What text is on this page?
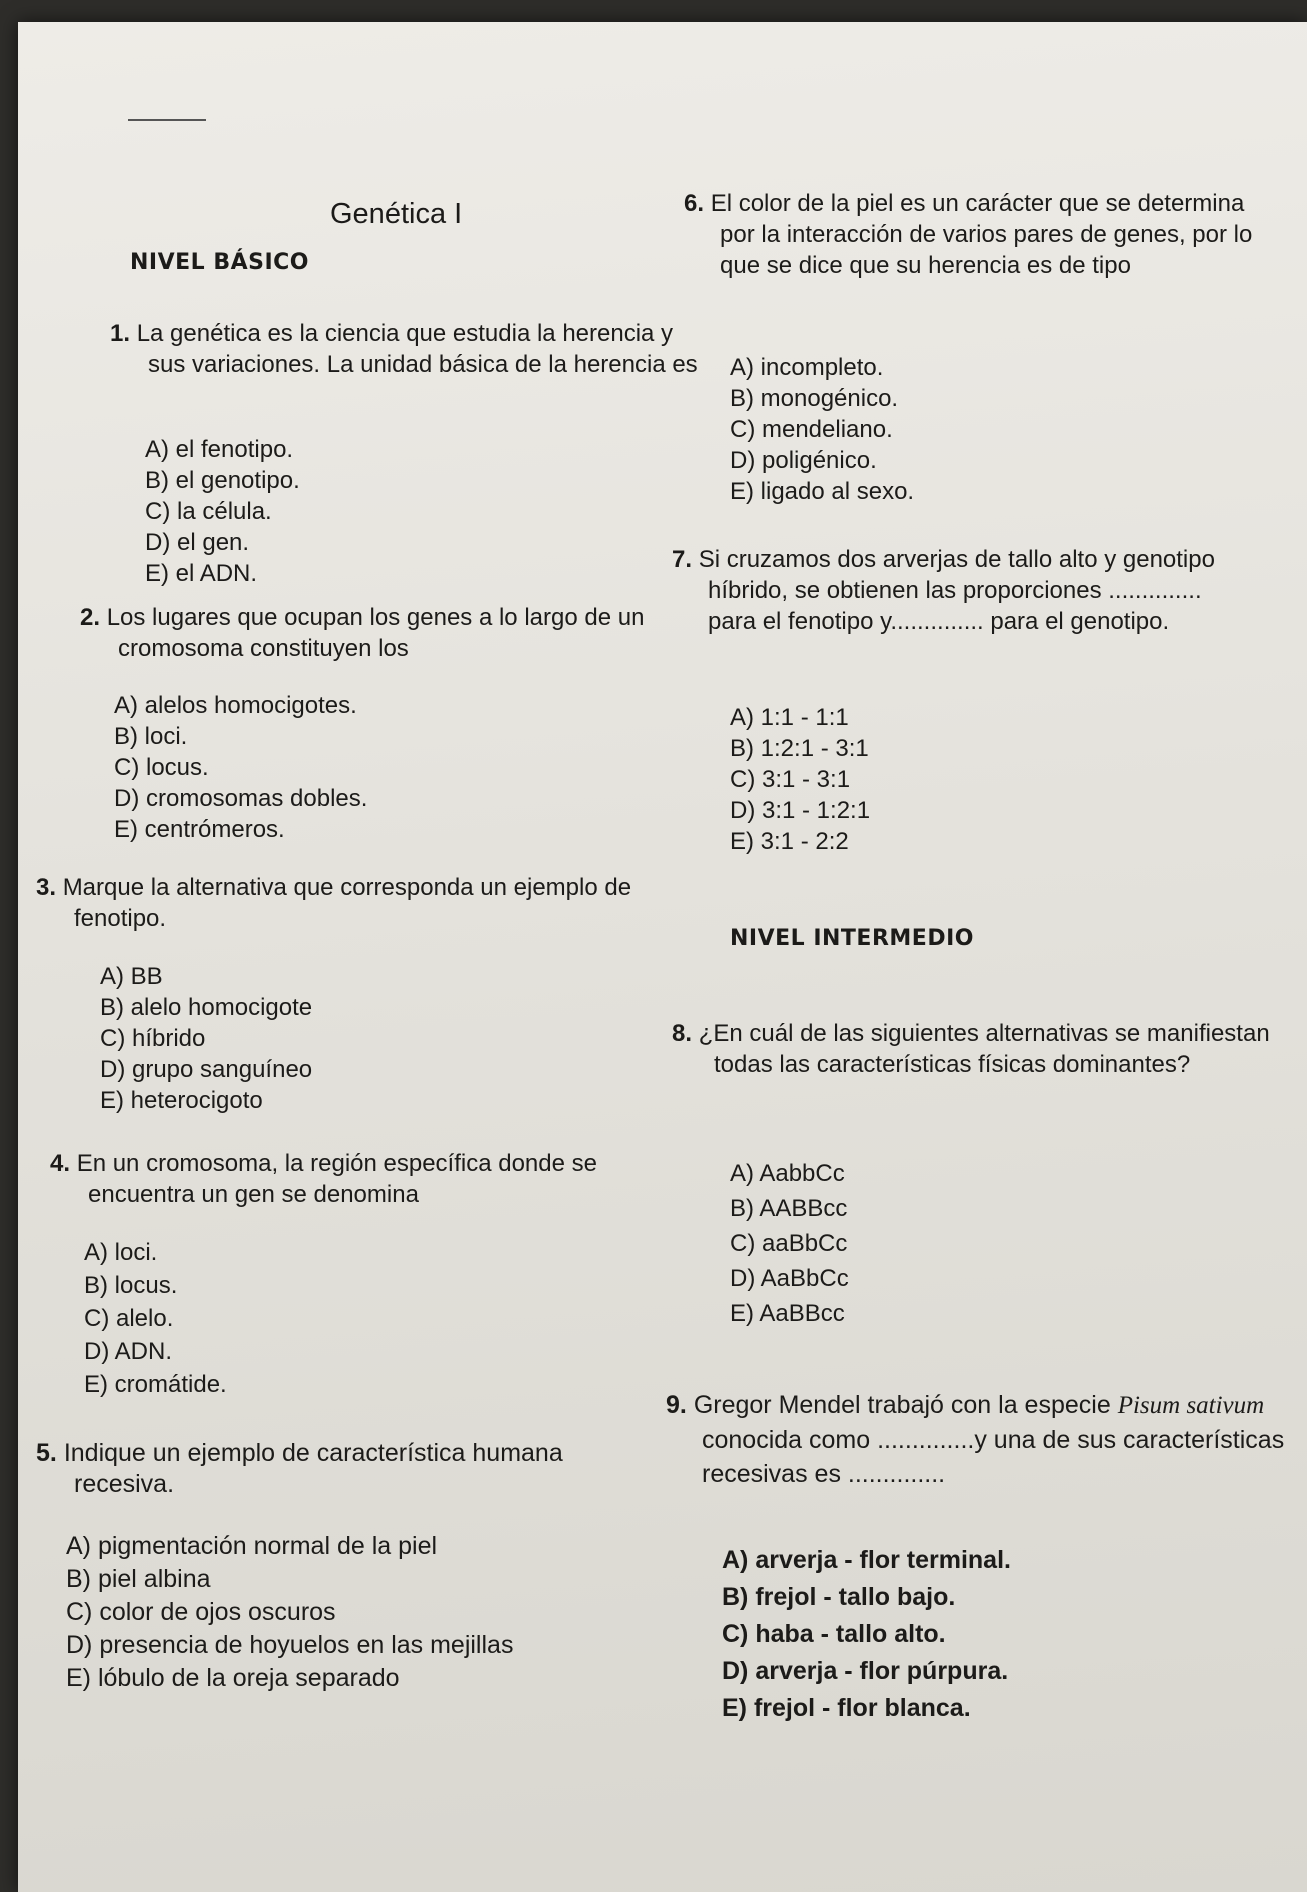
Genética I
NIVEL BÁSICO
1. La genética es la ciencia que estudia la herencia y sus variaciones. La unidad básica de la herencia es
A) el fenotipo.
B) el genotipo.
C) la célula.
D) el gen.
E) el ADN.
2. Los lugares que ocupan los genes a lo largo de un cromosoma constituyen los
A) alelos homocigotes.
B) loci.
C) locus.
D) cromosomas dobles.
E) centrómeros.
3. Marque la alternativa que corresponda un ejemplo de fenotipo.
A) BB
B) alelo homocigote
C) híbrido
D) grupo sanguíneo
E) heterocigoto
4. En un cromosoma, la región específica donde se encuentra un gen se denomina
A) loci.
B) locus.
C) alelo.
D) ADN.
E) cromátide.
5. Indique un ejemplo de característica humana recesiva.
A) pigmentación normal de la piel
B) piel albina
C) color de ojos oscuros
D) presencia de hoyuelos en las mejillas
E) lóbulo de la oreja separado
6. El color de la piel es un carácter que se determina por la interacción de varios pares de genes, por lo que se dice que su herencia es de tipo
A) incompleto.
B) monogénico.
C) mendeliano.
D) poligénico.
E) ligado al sexo.
7. Si cruzamos dos arverjas de tallo alto y genotipo híbrido, se obtienen las proporciones .............. para el fenotipo y.............. para el genotipo.
A) 1:1 - 1:1
B) 1:2:1 - 3:1
C) 3:1 - 3:1
D) 3:1 - 1:2:1
E) 3:1 - 2:2
NIVEL INTERMEDIO
8. ¿En cuál de las siguientes alternativas se manifiestan todas las características físicas dominantes?
A) AabbCc
B) AABBcc
C) aaBbCc
D) AaBbCc
E) AaBBcc
9. Gregor Mendel trabajó con la especie Pisum sativum conocida como ..............y una de sus características recesivas es ..............
A) arverja - flor terminal.
B) frejol - tallo bajo.
C) haba - tallo alto.
D) arverja - flor púrpura.
E) frejol - flor blanca.
